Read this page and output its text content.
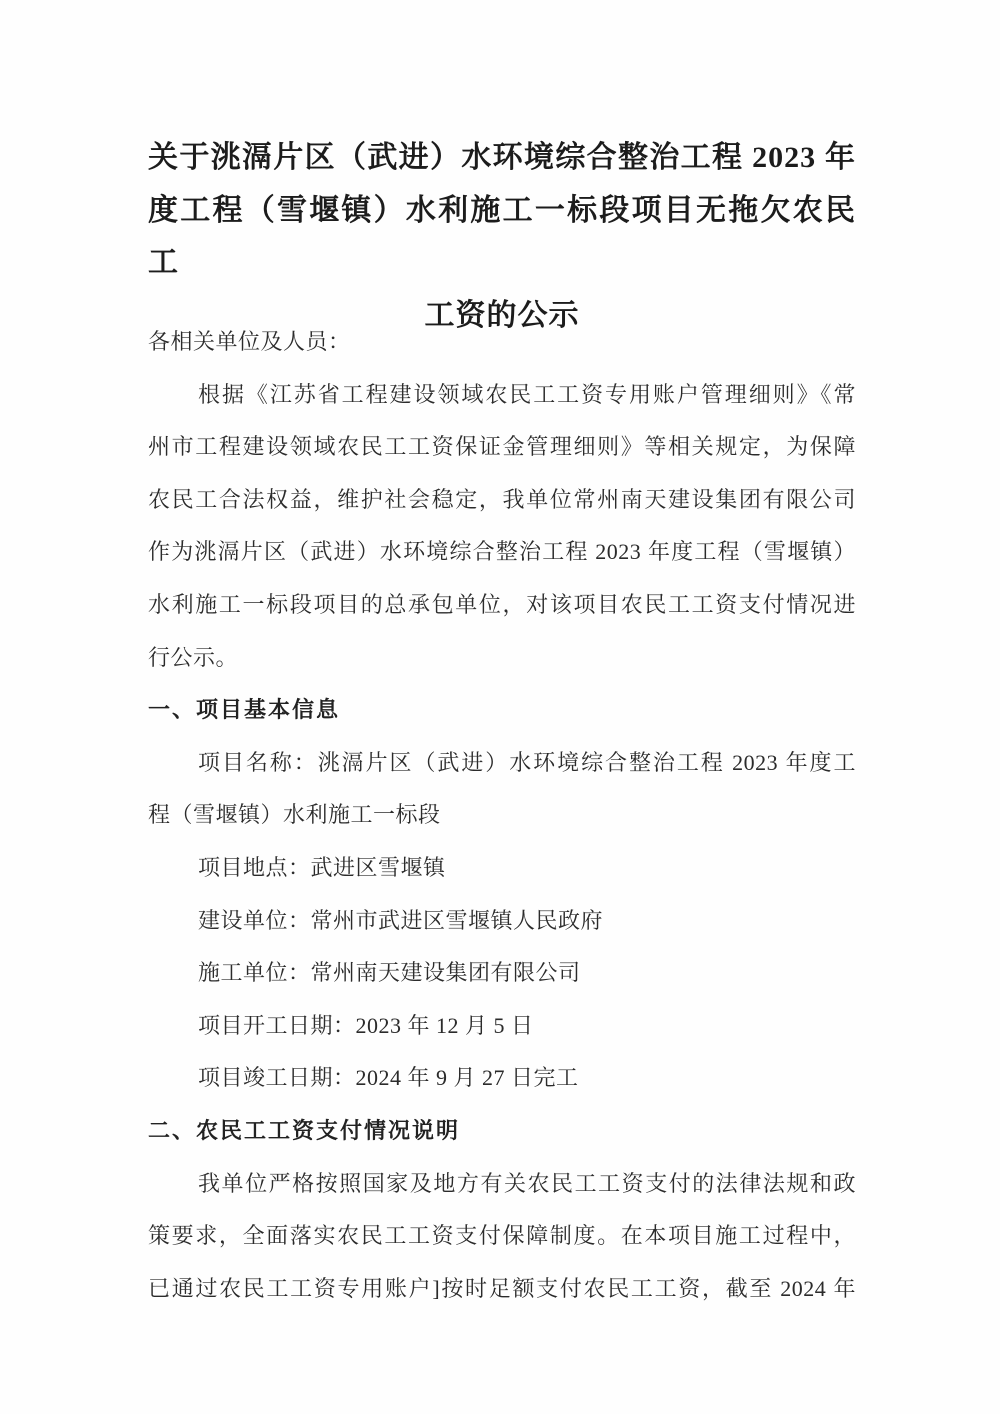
关于洮滆片区（武进）水环境综合整治工程 2023 年
度工程（雪堰镇）水利施工一标段项目无拖欠农民工
工资的公示
各相关单位及人员：
根据《江苏省工程建设领域农民工工资专用账户管理细则》《常
州市工程建设领域农民工工资保证金管理细则》等相关规定，为保障
农民工合法权益，维护社会稳定，我单位常州南天建设集团有限公司
作为洮滆片区（武进）水环境综合整治工程 2023 年度工程（雪堰镇）
水利施工一标段项目的总承包单位，对该项目农民工工资支付情况进
行公示。
一、项目基本信息
项目名称：洮滆片区（武进）水环境综合整治工程 2023 年度工
程（雪堰镇）水利施工一标段
项目地点：武进区雪堰镇
建设单位：常州市武进区雪堰镇人民政府
施工单位：常州南天建设集团有限公司
项目开工日期：2023 年 12 月 5 日
项目竣工日期：2024 年 9 月 27 日完工
二、农民工工资支付情况说明
我单位严格按照国家及地方有关农民工工资支付的法律法规和政
策要求，全面落实农民工工资支付保障制度。在本项目施工过程中，
已通过农民工工资专用账户]按时足额支付农民工工资，截至 2024 年
